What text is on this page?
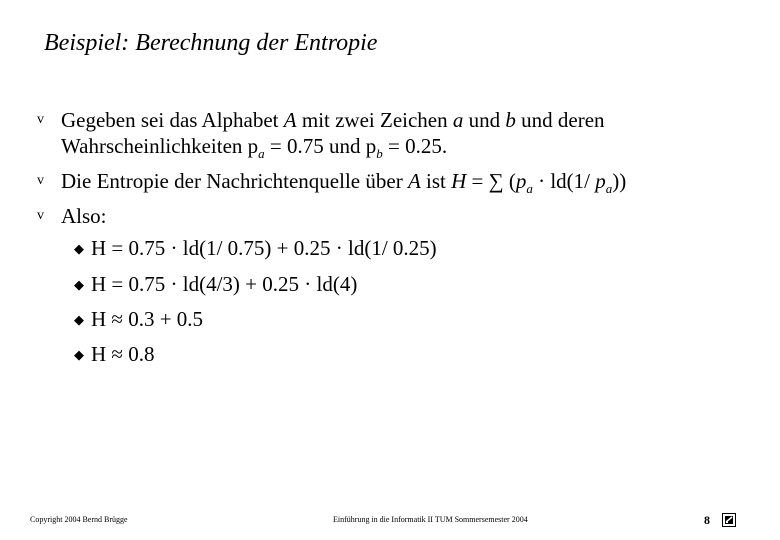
Beispiel: Berechnung der Entropie
v Gegeben sei das Alphabet A mit zwei Zeichen a und b und deren
Wahrscheinlichkeiten $p_a = 0.75$ und $p_b = 0.25$.
v Die Entropie der Nachrichtenquelle über A ist H = ∑ ($p_a \cdot ld(1/$ $p_a$))
v Also:
◆ H = 0.75 · ld(1/ 0.75) + 0.25 · ld(1/ 0.25)
◆ H = 0.75 · ld(4/3) + 0.25 · ld(4)
◆ H ≈ 0.3 + 0.5
◆ H ≈ 0.8
Copyright 2004 Bernd Brügge	Einführung in die Informatik II TUM Sommersemester 2004	8
